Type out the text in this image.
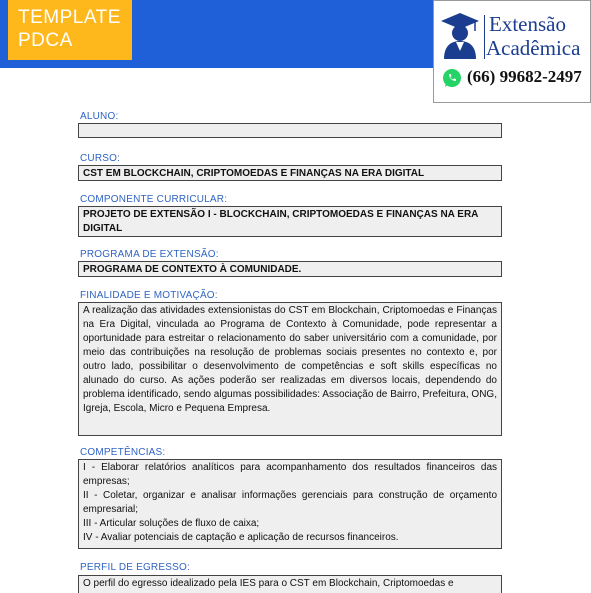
TEMPLATE
PDCA
Extensão
Acadêmica
(66) 99682-2497
ALUNO:
CURSO:
CST EM BLOCKCHAIN, CRIPTOMOEDAS E FINANÇAS NA ERA DIGITAL
COMPONENTE CURRICULAR:
PROJETO DE EXTENSÃO I - BLOCKCHAIN, CRIPTOMOEDAS E FINANÇAS NA ERA DIGITAL
PROGRAMA DE EXTENSÃO:
PROGRAMA DE CONTEXTO À COMUNIDADE.
FINALIDADE E MOTIVAÇÃO:
A realização das atividades extensionistas do CST em Blockchain, Criptomoedas e Finanças na Era Digital, vinculada ao Programa de Contexto à Comunidade, pode representar a oportunidade para estreitar o relacionamento do saber universitário com a comunidade, por meio das contribuições na resolução de problemas sociais presentes no contexto e, por outro lado, possibilitar o desenvolvimento de competências e soft skills específicas no alunado do curso. As ações poderão ser realizadas em diversos locais, dependendo do problema identificado, sendo algumas possibilidades: Associação de Bairro, Prefeitura, ONG, Igreja, Escola, Micro e Pequena Empresa.
COMPETÊNCIAS:

I - Elaborar relatórios analíticos para acompanhamento dos resultados financeiros das empresas;

II - Coletar, organizar e analisar informações gerenciais para construção de orçamento empresarial;

III - Articular soluções de fluxo de caixa;

IV - Avaliar potenciais de captação e aplicação de recursos financeiros.

PERFIL DE EGRESSO:
O perfil do egresso idealizado pela IES para o CST em Blockchain, Criptomoedas e
